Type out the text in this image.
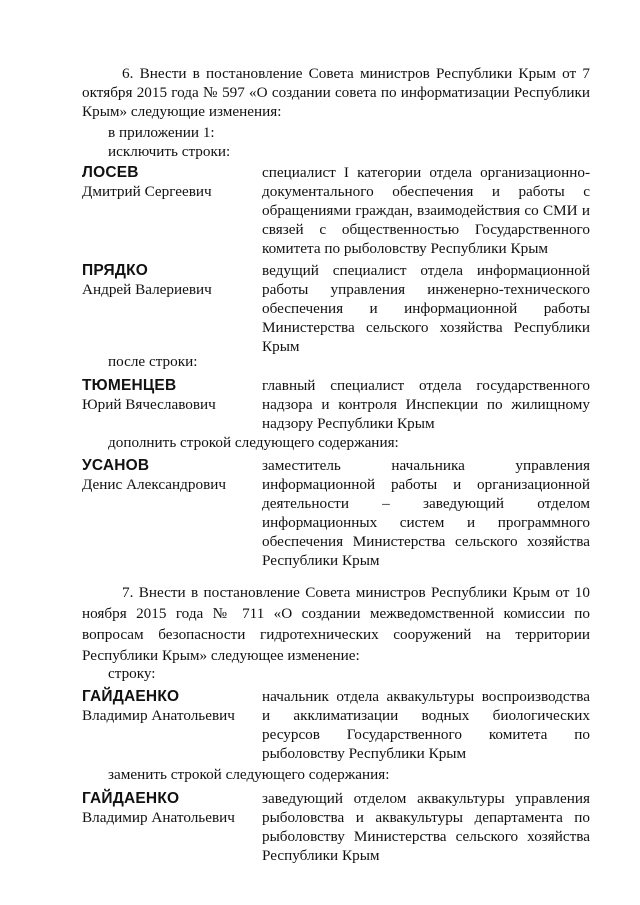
6. Внести в постановление Совета министров Республики Крым от 7 октября 2015 года № 597 «О создании совета по информатизации Республики Крым» следующие изменения:
в приложении 1:
исключить строки:
ЛОСЕВ
Дмитрий Сергеевич
специалист I категории отдела организационно-документального обеспечения и работы с обращениями граждан, взаимодействия со СМИ и связей с общественностью Государственного комитета по рыболовству Республики Крым
ПРЯДКО
Андрей Валериевич
ведущий специалист отдела информационной работы управления инженерно-технического обеспечения и информационной работы Министерства сельского хозяйства Республики Крым
после строки:
ТЮМЕНЦЕВ
Юрий Вячеславович
главный специалист отдела государственного надзора и контроля Инспекции по жилищному надзору Республики Крым
дополнить строкой следующего содержания:
УСАНОВ
Денис Александрович
заместитель начальника управления информационной работы и организационной деятельности – заведующий отделом информационных систем и программного обеспечения Министерства сельского хозяйства Республики Крым
7. Внести в постановление Совета министров Республики Крым от 10 ноября 2015 года № 711 «О создании межведомственной комиссии по вопросам безопасности гидротехнических сооружений на территории Республики Крым» следующее изменение:
строку:
ГАЙДАЕНКО
Владимир Анатольевич
начальник отдела аквакультуры воспроизводства и акклиматизации водных биологических ресурсов Государственного комитета по рыболовству Республики Крым
заменить строкой следующего содержания:
ГАЙДАЕНКО
Владимир Анатольевич
заведующий отделом аквакультуры управления рыболовства и аквакультуры департамента по рыболовству Министерства сельского хозяйства Республики Крым
